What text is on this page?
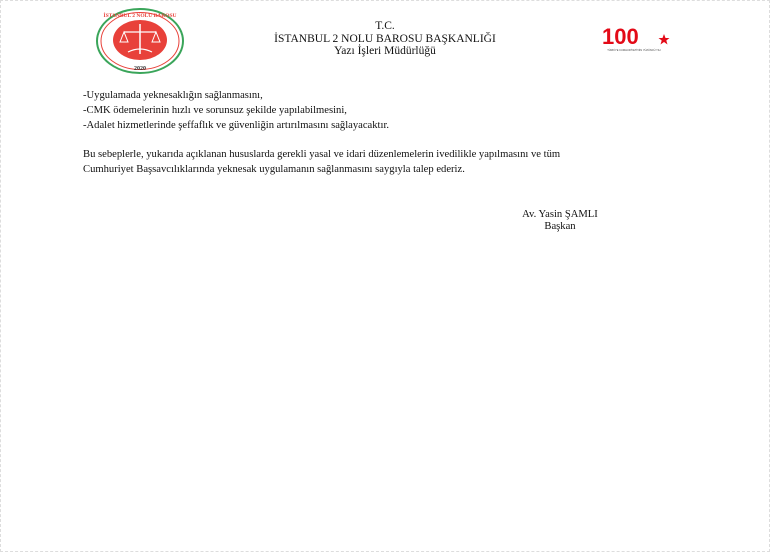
2020
İSTANBUL 2 NOLU BAROSU
T.C.
İSTANBUL 2 NOLU BAROSU BAŞKANLIĞI
Yazı İşleri Müdürlüğü
100
TÜRKİYE CUMHURİYETİ'NİN YÜZÜNCÜ YILI
-Uygulamada yeknesaklığın sağlanmasını,
-CMK ödemelerinin hızlı ve sorunsuz şekilde yapılabilmesini,
-Adalet hizmetlerinde şeffaflık ve güvenliğin artırılmasını sağlayacaktır.
Bu sebeplerle, yukarıda açıklanan hususlarda gerekli yasal ve idari düzenlemelerin ivedilikle yapılmasını ve tüm
Cumhuriyet Başsavcılıklarında yeknesak uygulamanın sağlanmasını saygıyla talep ederiz.
Av. Yasin ŞAMLI
Başkan
